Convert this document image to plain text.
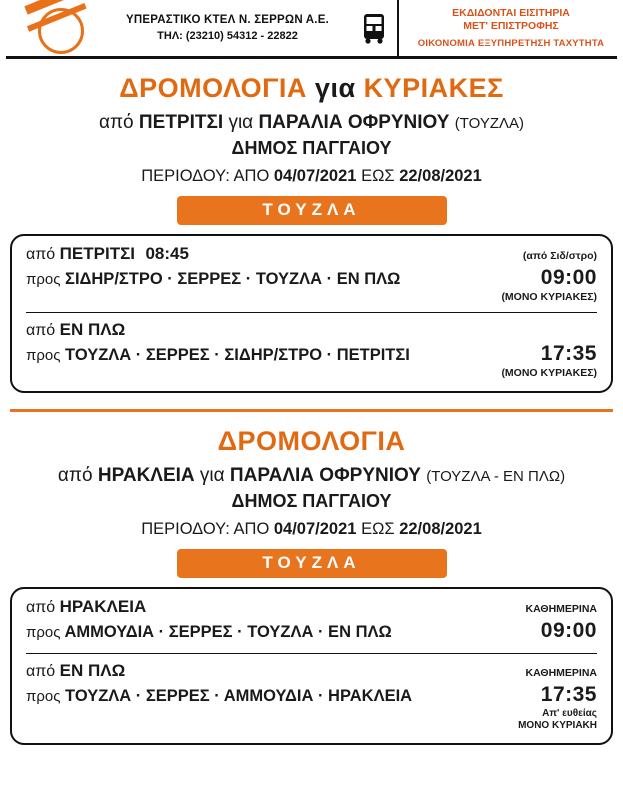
ΥΠΕΡΑΣΤΙΚΟ ΚΤΕΛ Ν. ΣΕΡΡΩΝ Α.Ε.
ΤΗΛ: (23210) 54312 - 22822
ΕΚΔΙΔΟΝΤΑΙ ΕΙΣΙΤΗΡΙΑ
ΜΕΤ' ΕΠΙΣΤΡΟΦΗΣ
ΟΙΚΟΝΟΜΙΑ ΕΞΥΠΗΡΕΤΗΣΗ ΤΑΧΥΤΗΤΑ
ΔΡΟΜΟΛΟΓΙΑ για ΚΥΡΙΑΚΕΣ
από ΠΕΤΡΙΤΣΙ για ΠΑΡΑΛΙΑ ΟΦΡΥΝΙΟΥ (ΤΟΥΖΛΑ)
ΔΗΜΟΣ ΠΑΓΓΑΙΟΥ
ΠΕΡΙΟΔΟΥ: ΑΠΟ 04/07/2021 ΕΩΣ 22/08/2021
ΤΟΥΖΛΑ
από ΠΕΤΡΙΤΣΙ 08:45	(από Σιδ/στρο)
προς ΣΙΔΗΡ/ΣΤΡΟ · ΣΕΡΡΕΣ · ΤΟΥΖΛΑ · ΕΝ ΠΛΩ	09:00
(ΜΟΝΟ ΚΥΡΙΑΚΕΣ)
από ΕΝ ΠΛΩ
προς ΤΟΥΖΛΑ · ΣΕΡΡΕΣ · ΣΙΔΗΡ/ΣΤΡΟ · ΠΕΤΡΙΤΣΙ	17:35
(ΜΟΝΟ ΚΥΡΙΑΚΕΣ)
ΔΡΟΜΟΛΟΓΙΑ
από ΗΡΑΚΛΕΙΑ για ΠΑΡΑΛΙΑ ΟΦΡΥΝΙΟΥ (ΤΟΥΖΛΑ - ΕΝ ΠΛΩ)
ΔΗΜΟΣ ΠΑΓΓΑΙΟΥ
ΠΕΡΙΟΔΟΥ: ΑΠΟ 04/07/2021 ΕΩΣ 22/08/2021
ΤΟΥΖΛΑ
από ΗΡΑΚΛΕΙΑ	ΚΑΘΗΜΕΡΙΝΑ
προς ΑΜΜΟΥΔΙΑ · ΣΕΡΡΕΣ · ΤΟΥΖΛΑ · ΕΝ ΠΛΩ	09:00
από ΕΝ ΠΛΩ	ΚΑΘΗΜΕΡΙΝΑ
προς ΤΟΥΖΛΑ · ΣΕΡΡΕΣ · ΑΜΜΟΥΔΙΑ · ΗΡΑΚΛΕΙΑ	17:35
Απ' ευθείας
ΜΟΝΟ ΚΥΡΙΑΚΗ
